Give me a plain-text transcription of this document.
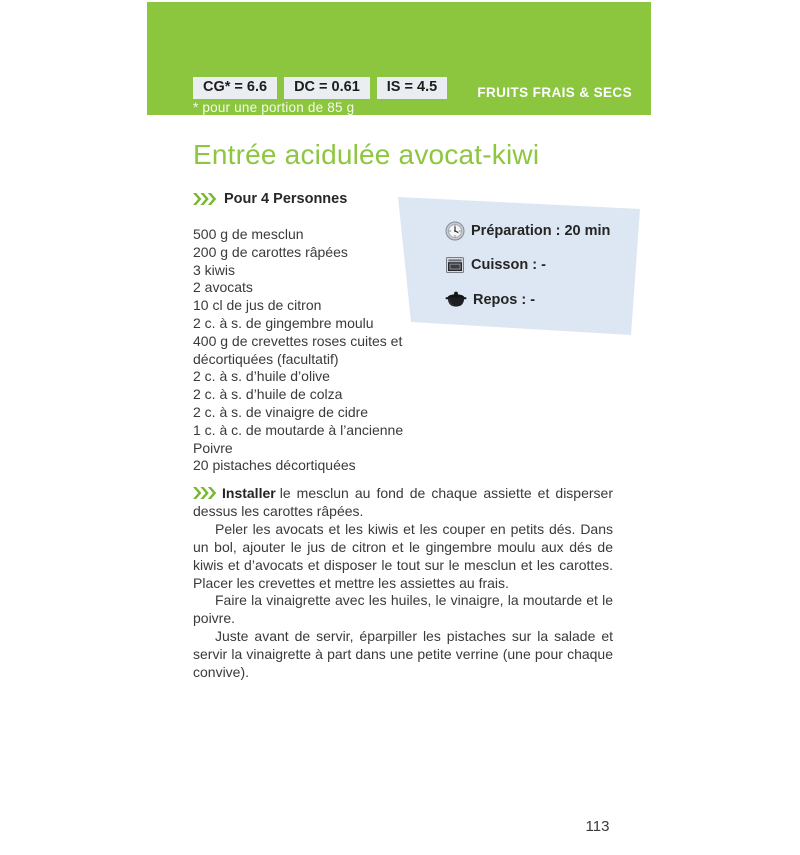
CG* = 6.6 DC = 0.61 IS = 4.5
* pour une portion de 85 g
FRUITS FRAIS & SECS
Entrée acidulée avocat-kiwi
Pour 4 Personnes
500 g de mesclun
200 g de carottes râpées
3 kiwis
2 avocats
10 cl de jus de citron
2 c. à s. de gingembre moulu
400 g de crevettes roses cuites et
décortiquées (facultatif)
2 c. à s. d’huile d’olive
2 c. à s. d’huile de colza
2 c. à s. de vinaigre de cidre
1 c. à c. de moutarde à l’ancienne
Poivre
20 pistaches décortiquées
Préparation : 20 min
Cuisson : -
Repos : -

Installer le mesclun au fond de chaque assiette et disperser dessus les carottes râpées.

Peler les avocats et les kiwis et les couper en petits dés. Dans un bol, ajouter le jus de citron et le gingembre moulu aux dés de kiwis et d’avocats et disposer le tout sur le mesclun et les carottes. Placer les crevettes et mettre les assiettes au frais.

Faire la vinaigrette avec les huiles, le vinaigre, la moutarde et le poivre.

Juste avant de servir, éparpiller les pistaches sur la salade et servir la vinaigrette à part dans une petite verrine (une pour chaque convive).

113
